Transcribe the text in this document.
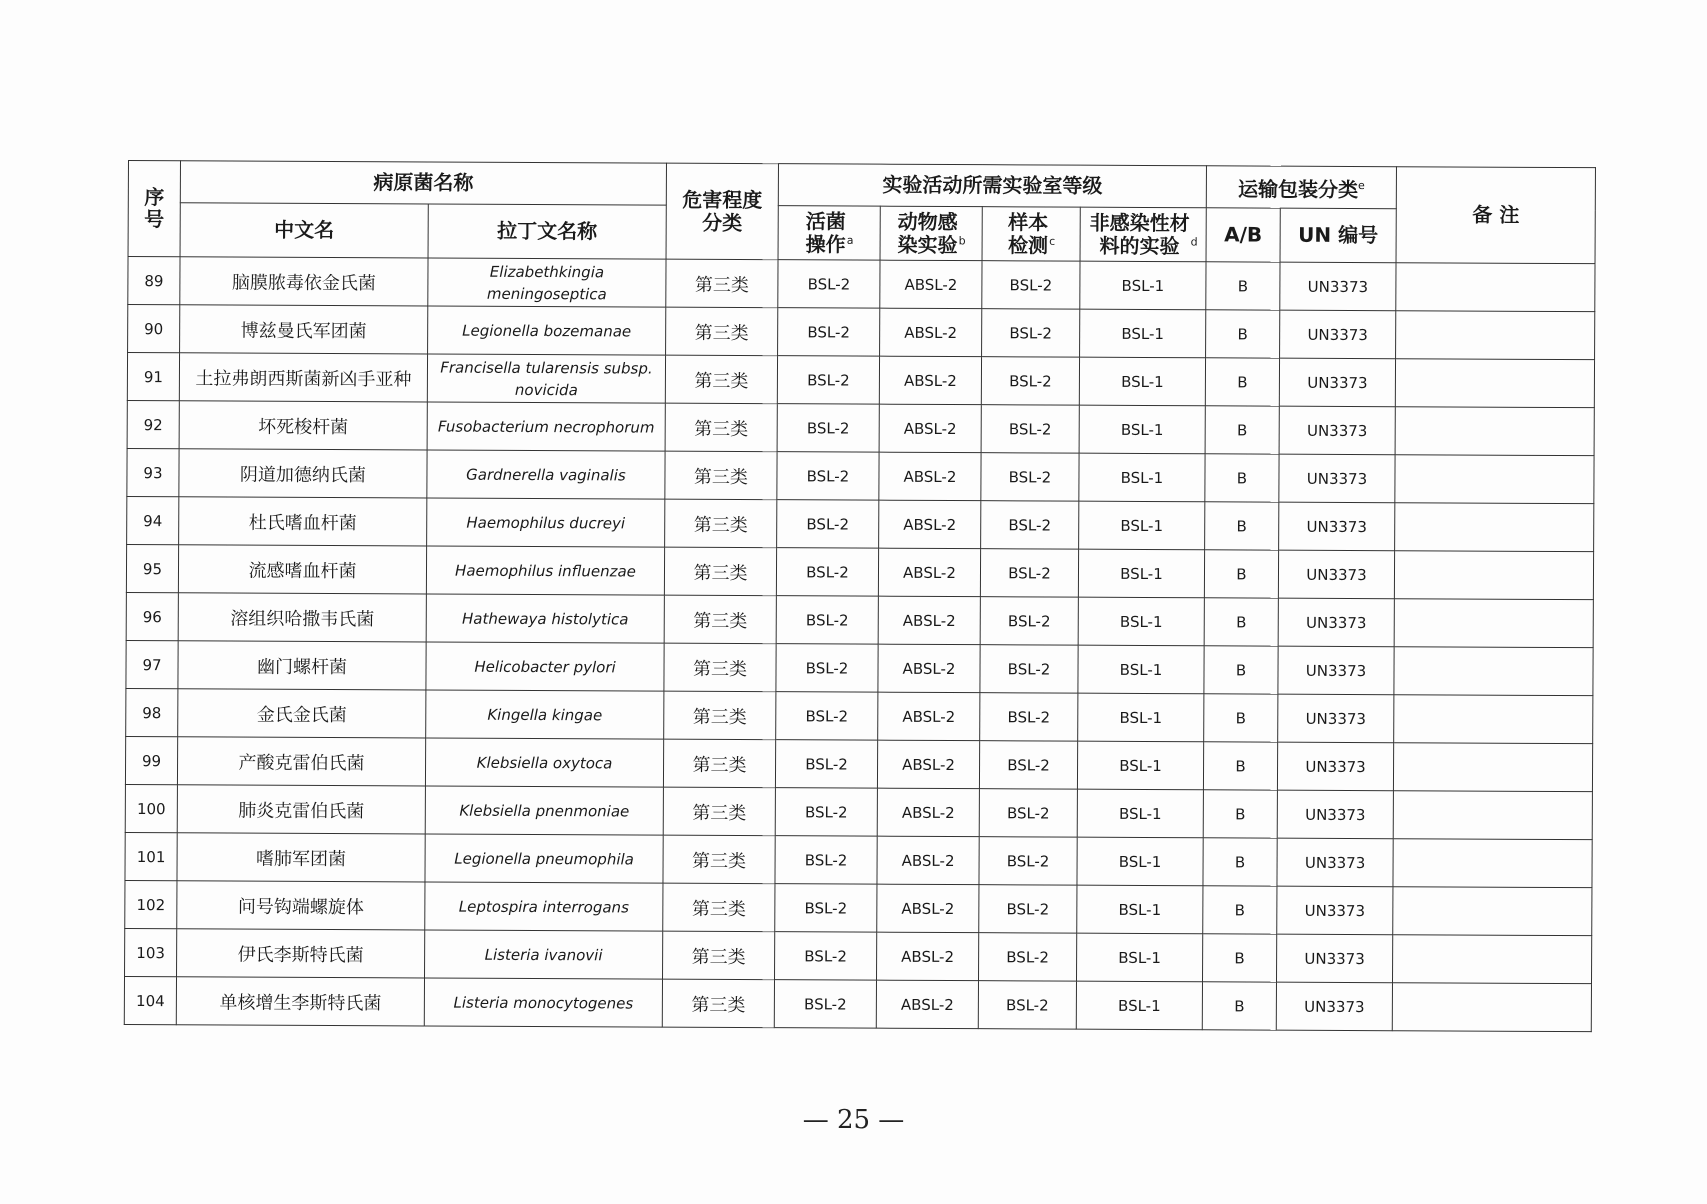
序号	病原菌名称		危害程度分类	实验活动所需实验室等级				运输包装分类$^e$		备 注
	中文名	拉丁文名称		活菌操作$^a$	动物感染实验$^b$	样本检测$^c$	非感染性材料的实验 $^d$	A/B	UN 编号	
89	脑膜脓毒依金氏菌	Elizabethkingia meningoseptica	第三类	BSL-2	ABSL-2	BSL-2	BSL-1	B	UN3373	
90	博兹曼氏军团菌	Legionella bozemanae	第三类	BSL-2	ABSL-2	BSL-2	BSL-1	B	UN3373	
91	土拉弗朗西斯菌新凶手亚种	Francisella tularensis subsp. novicida	第三类	BSL-2	ABSL-2	BSL-2	BSL-1	B	UN3373	
92	坏死梭杆菌	Fusobacterium necrophorum	第三类	BSL-2	ABSL-2	BSL-2	BSL-1	B	UN3373	
93	阴道加德纳氏菌	Gardnerella vaginalis	第三类	BSL-2	ABSL-2	BSL-2	BSL-1	B	UN3373	
94	杜氏嗜血杆菌	Haemophilus ducreyi	第三类	BSL-2	ABSL-2	BSL-2	BSL-1	B	UN3373	
95	流感嗜血杆菌	Haemophilus influenzae	第三类	BSL-2	ABSL-2	BSL-2	BSL-1	B	UN3373	
96	溶组织哈撒韦氏菌	Hathewaya histolytica	第三类	BSL-2	ABSL-2	BSL-2	BSL-1	B	UN3373	
97	幽门螺杆菌	Helicobacter pylori	第三类	BSL-2	ABSL-2	BSL-2	BSL-1	B	UN3373	
98	金氏金氏菌	Kingella kingae	第三类	BSL-2	ABSL-2	BSL-2	BSL-1	B	UN3373	
99	产酸克雷伯氏菌	Klebsiella oxytoca	第三类	BSL-2	ABSL-2	BSL-2	BSL-1	B	UN3373	
100	肺炎克雷伯氏菌	Klebsiella pnenmoniae	第三类	BSL-2	ABSL-2	BSL-2	BSL-1	B	UN3373	
101	嗜肺军团菌	Legionella pneumophila	第三类	BSL-2	ABSL-2	BSL-2	BSL-1	B	UN3373	
102	问号钩端螺旋体	Leptospira interrogans	第三类	BSL-2	ABSL-2	BSL-2	BSL-1	B	UN3373	
103	伊氏李斯特氏菌	Listeria ivanovii	第三类	BSL-2	ABSL-2	BSL-2	BSL-1	B	UN3373	
104	单核增生李斯特氏菌	Listeria monocytogenes	第三类	BSL-2	ABSL-2	BSL-2	BSL-1	B	UN3373	
— 25 —
